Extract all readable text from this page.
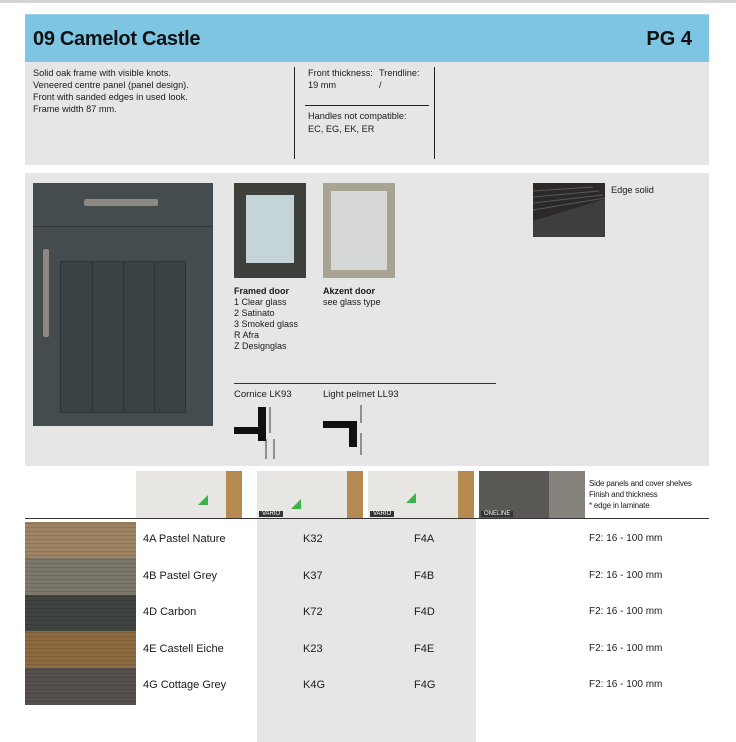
09 Camelot Castle	PG 4
Solid oak frame with visible knots.
Veneered centre panel (panel design).
Front with sanded edges in used look.
Frame width 87 mm.
Front thickness:
19 mm
Trendline:
/
Handles not compatible:
EC, EG, EK, ER
Framed door
1 Clear glass
2 Satinato
3 Smoked glass
R Afra
Z Designglas
Akzent door
see glass type
Edge solid
Cornice LK93	Light pelmet LL93
VARIO	VARIO	ONELINE
Side panels and cover shelves
Finish and thickness
* edge in laminate
4A Pastel Nature	K32	F4A	F2: 16 - 100 mm
4B Pastel Grey	K37	F4B	F2: 16 - 100 mm
4D Carbon	K72	F4D	F2: 16 - 100 mm
4E Castell Eiche	K23	F4E	F2: 16 - 100 mm
4G Cottage Grey	K4G	F4G	F2: 16 - 100 mm
